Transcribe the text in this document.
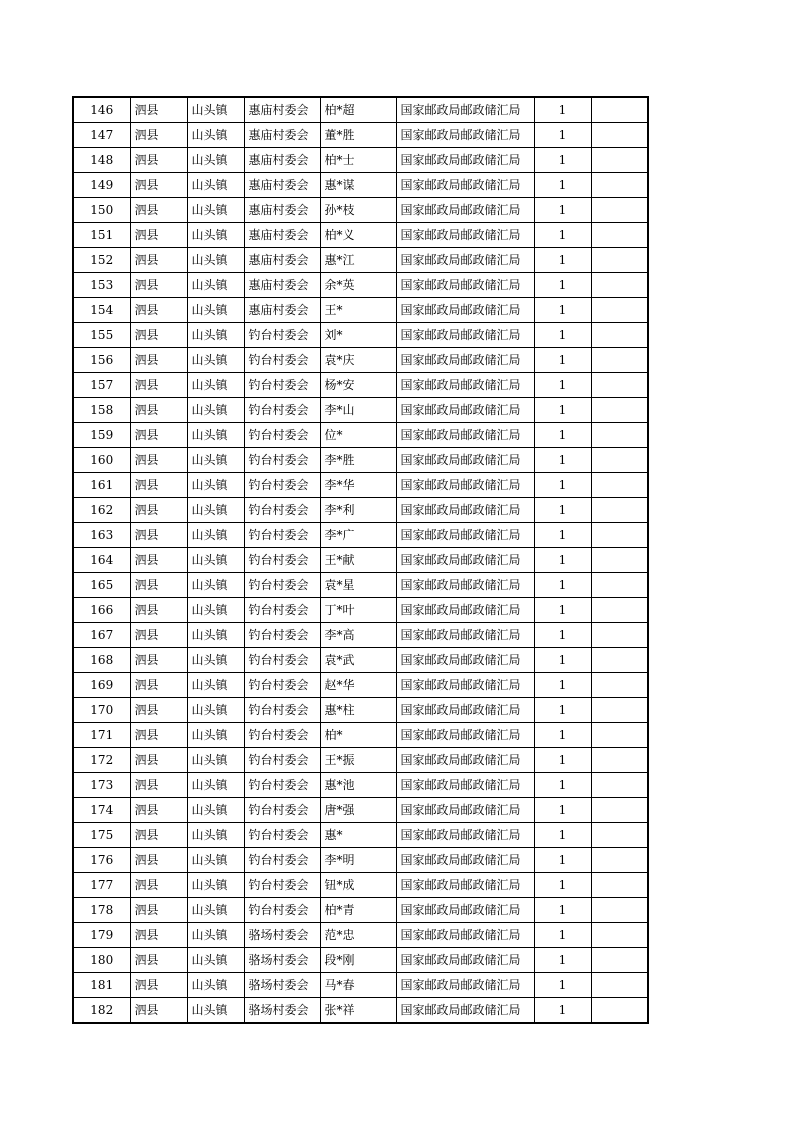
146	泗县	山头镇	惠庙村委会	柏*超	国家邮政局邮政储汇局	1	
147	泗县	山头镇	惠庙村委会	董*胜	国家邮政局邮政储汇局	1	
148	泗县	山头镇	惠庙村委会	柏*士	国家邮政局邮政储汇局	1	
149	泗县	山头镇	惠庙村委会	惠*谋	国家邮政局邮政储汇局	1	
150	泗县	山头镇	惠庙村委会	孙*枝	国家邮政局邮政储汇局	1	
151	泗县	山头镇	惠庙村委会	柏*义	国家邮政局邮政储汇局	1	
152	泗县	山头镇	惠庙村委会	惠*江	国家邮政局邮政储汇局	1	
153	泗县	山头镇	惠庙村委会	余*英	国家邮政局邮政储汇局	1	
154	泗县	山头镇	惠庙村委会	王*	国家邮政局邮政储汇局	1	
155	泗县	山头镇	钓台村委会	刘*	国家邮政局邮政储汇局	1	
156	泗县	山头镇	钓台村委会	袁*庆	国家邮政局邮政储汇局	1	
157	泗县	山头镇	钓台村委会	杨*安	国家邮政局邮政储汇局	1	
158	泗县	山头镇	钓台村委会	李*山	国家邮政局邮政储汇局	1	
159	泗县	山头镇	钓台村委会	位*	国家邮政局邮政储汇局	1	
160	泗县	山头镇	钓台村委会	李*胜	国家邮政局邮政储汇局	1	
161	泗县	山头镇	钓台村委会	李*华	国家邮政局邮政储汇局	1	
162	泗县	山头镇	钓台村委会	李*利	国家邮政局邮政储汇局	1	
163	泗县	山头镇	钓台村委会	李*广	国家邮政局邮政储汇局	1	
164	泗县	山头镇	钓台村委会	王*献	国家邮政局邮政储汇局	1	
165	泗县	山头镇	钓台村委会	袁*星	国家邮政局邮政储汇局	1	
166	泗县	山头镇	钓台村委会	丁*叶	国家邮政局邮政储汇局	1	
167	泗县	山头镇	钓台村委会	李*高	国家邮政局邮政储汇局	1	
168	泗县	山头镇	钓台村委会	袁*武	国家邮政局邮政储汇局	1	
169	泗县	山头镇	钓台村委会	赵*华	国家邮政局邮政储汇局	1	
170	泗县	山头镇	钓台村委会	惠*柱	国家邮政局邮政储汇局	1	
171	泗县	山头镇	钓台村委会	柏*	国家邮政局邮政储汇局	1	
172	泗县	山头镇	钓台村委会	王*振	国家邮政局邮政储汇局	1	
173	泗县	山头镇	钓台村委会	惠*池	国家邮政局邮政储汇局	1	
174	泗县	山头镇	钓台村委会	唐*强	国家邮政局邮政储汇局	1	
175	泗县	山头镇	钓台村委会	惠*	国家邮政局邮政储汇局	1	
176	泗县	山头镇	钓台村委会	李*明	国家邮政局邮政储汇局	1	
177	泗县	山头镇	钓台村委会	钮*成	国家邮政局邮政储汇局	1	
178	泗县	山头镇	钓台村委会	柏*青	国家邮政局邮政储汇局	1	
179	泗县	山头镇	骆场村委会	范*忠	国家邮政局邮政储汇局	1	
180	泗县	山头镇	骆场村委会	段*刚	国家邮政局邮政储汇局	1	
181	泗县	山头镇	骆场村委会	马*春	国家邮政局邮政储汇局	1	
182	泗县	山头镇	骆场村委会	张*祥	国家邮政局邮政储汇局	1	
